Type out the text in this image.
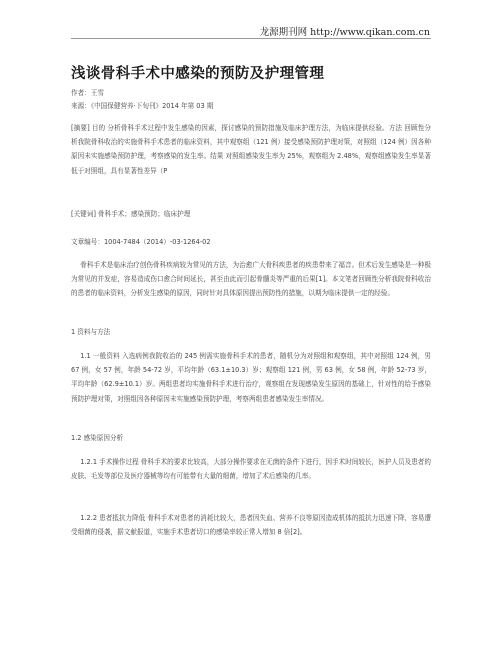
龙源期刊网 http://www.qikan.com.cn
浅谈骨科手术中感染的预防及护理管理
作者：王雪
来源：《中国保健营养·下旬刊》2014 年第 03 期
[摘要] 目的 分析骨科手术过程中发生感染的因素，探讨感染的预防措施及临床护理方法，为临床提供经验。方法 回顾性分析我院骨科收治的实施骨科手术患者的临床资料，其中观察组（121 例）接受感染预防护理对策，对照组（124 例）因各种原因未实施感染预防护理，考察感染的发生率。结果 对照组感染发生率为 25%，观察组为 2.48%，观察组感染发生率显著低于对照组，具有显著性差异（P
[关键词] 骨科手术；感染预防；临床护理
文章编号：1004-7484（2014）-03-1264-02
骨科手术是临床治疗创伤骨科疾病较为常见的方法，为治愈广大骨科疾患者的疾患带来了福音。但术后发生感染是一种极为常见的并发症，容易造成伤口愈合时间延长，甚至由此而引起骨髓炎等严重的后果[1]。本文笔者回顾性分析我院骨科收治的患者的临床资料，分析发生感染的原因，同时针对具体原因提出预防性的措施，以期为临床提供一定的经验。
1 资料与方法
1.1 一般资料 入选病例我院收治的 245 例需实施骨科手术的患者，随机分为对照组和观察组，其中对照组 124 例，男 67 例，女 57 例，年龄 54-72 岁，平均年龄（63.1±10.3）岁；观察组 121 例，男 63 例，女 58 例，年龄 52-73 岁，平均年龄（62.9±10.1）岁。两组患者均实施骨科手术进行治疗，观察组在发现感染发生原因的基础上，针对性的给予感染预防护理对策，对照组因各种原因未实施感染预防护理，考察两组患者感染发生率情况。
1.2 感染原因分析
1.2.1 手术操作过程 骨科手术的要求比较高，大部分操作要求在无菌的条件下进行，因手术时间较长，医护人员及患者的皮肤、毛发等部位及医疗器械等均有可能带有大量的细菌，增加了术后感染的几率。
1.2.2 患者抵抗力降低 骨科手术对患者的消耗比较大，患者因失血、营养不良等原因造成机体的抵抗力迅速下降，容易遭受细菌的侵袭，据文献报道，实施手术患者切口的感染率较正常人增加 8 倍[2]。
